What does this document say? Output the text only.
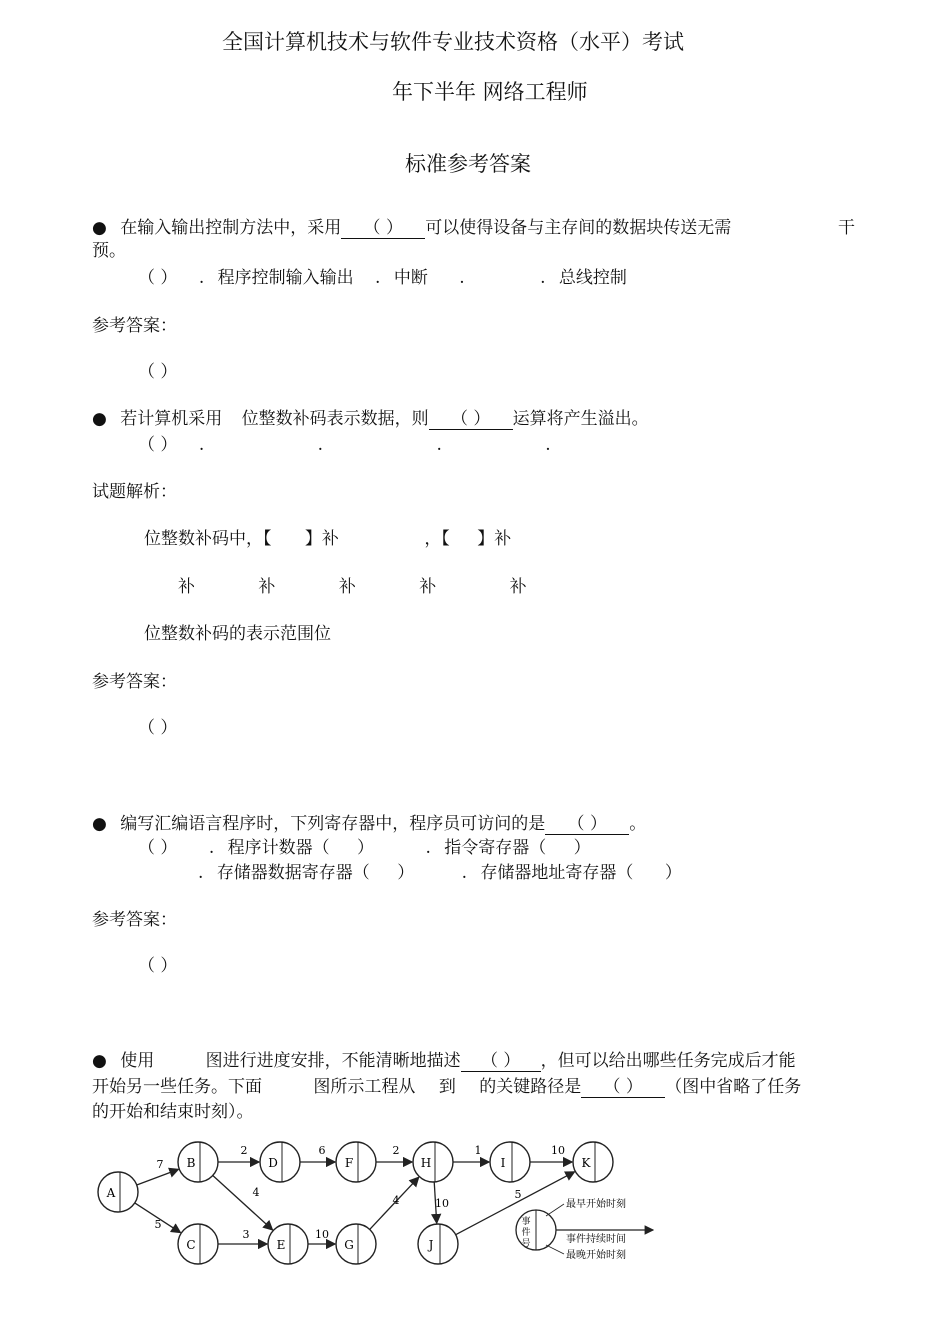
全国计算机技术与软件专业技术资格（水平）考试
年下半年 网络工程师
标准参考答案
● 在输入输出控制方法中，采用 （ ） 可以使得设备与主存间的数据块传送无需	干
预。
（ ） . 程序控制输入输出 . 中断 .	. 总线控制
参考答案：
（ ）
● 若计算机采用 位整数补码表示数据，则 （ ） 运算将产生溢出。
（ ） .	.	.	.
试题解析：
位整数补码中，【 】补	，【 】补
补	补	补	补	补
位整数补码的表示范围位
参考答案：
（ ）
● 编写汇编语言程序时，下列寄存器中，程序员可访问的是 （ ） 。
（ ） . 程序计数器（ ）	. 指令寄存器（ ）
. 存储器数据寄存器（ ）	. 存储器地址寄存器（ ）
参考答案：
（ ）
● 使用	图进行进度安排，不能清晰地描述 （ ） ，但可以给出哪些任务完成后才能
开始另一些任务。下面	图所示工程从 到 的关键路径是 （ ） （图中省略了任务
的开始和结束时刻）。
7
5
2
4
3
6
10
2
4
1
10
10
5
A
B
C
D
E
F
G
H	I
J
K
事
件
号
最早开始时刻
事件持续时间
最晚开始时刻
